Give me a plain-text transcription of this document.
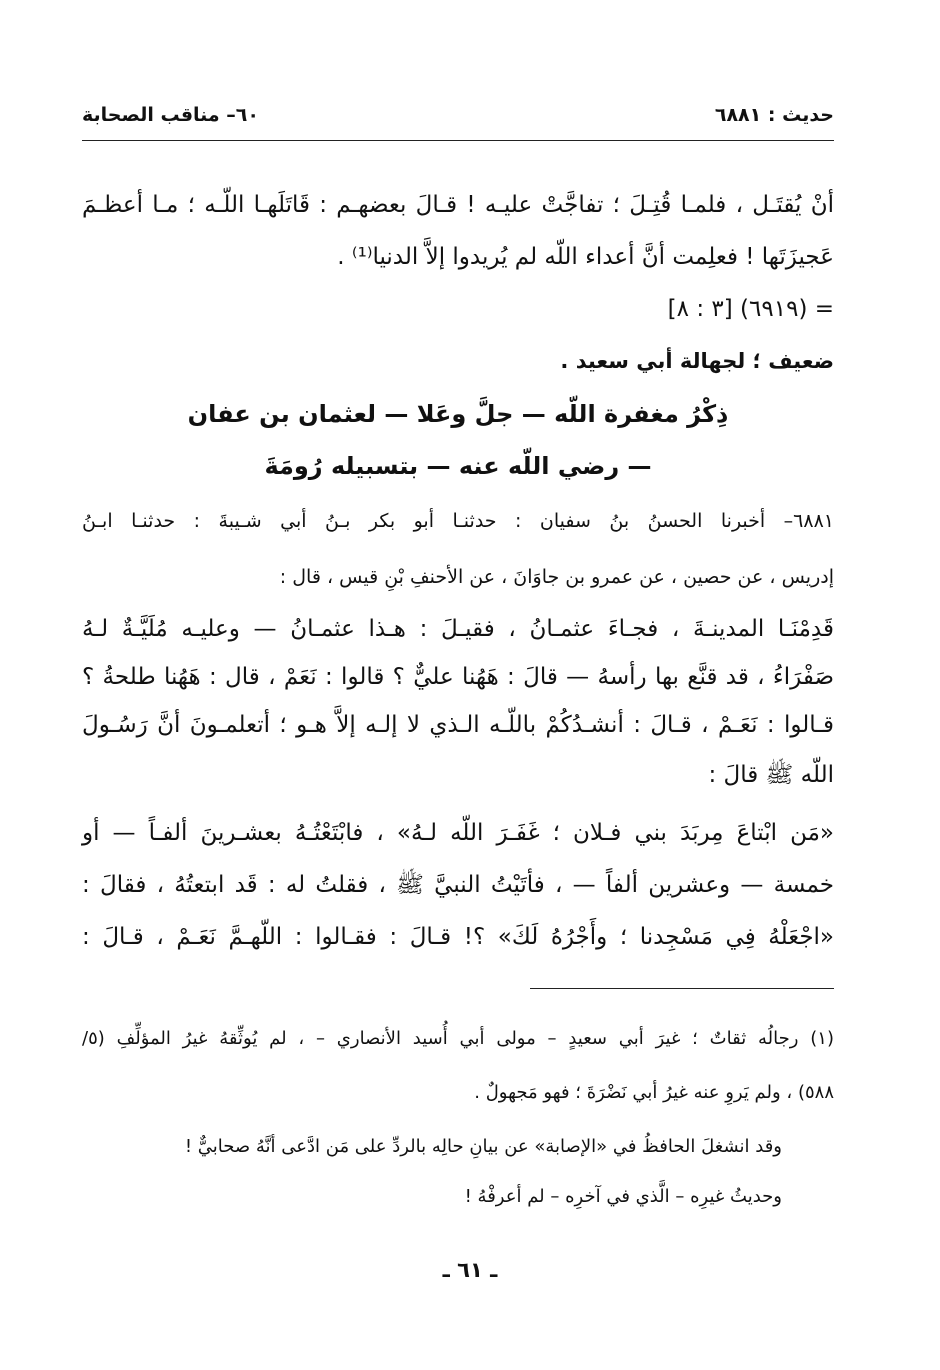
٦٠– مناقب الصحابة	حديث : ٦٨٨١
أنْ يُقتَـل ، فلمـا قُتِـلَ ؛ تفاجَّتْ عليـه ! قـالَ بعضهـم : قَاتَلَهـا اللّـه ؛ مـا أعظـمَ
عَجيزَتَها ! فعلِمت أنَّ أعداء اللّه لم يُريدوا إلاَّ الدنيا⁽¹⁾ .
= (٦٩١٩) [٣ : ٨]
ضعيف ؛ لجهالة أبي سعيد .
ذِكْرُ مغفرة اللّه — جلَّ وعَلا — لعثمان بن عفان
— رضي اللّه عنه — بتسبيله رُومَةَ
٦٨٨١– أخبرنا الحسنُ بنُ سفيان : حدثنـا أبو بكر بـنُ أبي شـيبةَ : حدثنـا ابـنُ
إدريس ، عن حصين ، عن عمرو بن جاوَانَ ، عن الأحنفِ بْنِ قيس ، قال :
قَدِمْنَـا المدينـةَ ، فجـاءَ عثمـانُ ، فقيـلَ : هـذا عثمـانُ — وعليـه مُلَيَّـةٌ لـهُ
صَفْرَاءُ ، قد قنَّع بها رأسهُ — قالَ : هَهُنا عليٌّ ؟ قالوا : نَعَمْ ، قال : هَهُنا طلحةُ ؟
قـالوا : نَعَـمْ ، قـالَ : أنشـدُكُمْ باللّـه الـذي لا إلـه إلاَّ هـو ؛ أتعلمـونَ أنَّ رَسُـولَ
اللّه ﷺ قالَ :
«مَن ابْتاعَ مِربَدَ بني فـلان ؛ غَفَـرَ اللّه لـهُ» ، فابْتَعْتُـهُ بعشـرينَ ألفـاً — أو
خمسة — وعشرين ألفاً — ، فأتَيْتُ النبيَّ ﷺ ، فقلتُ له : قَد ابتعتُهُ ، فقالَ :
«اجْعَلْهُ فِي مَسْجِدنا ؛ وأَجْرُهُ لَكَ» ؟! قـالَ : فقـالوا : اللّهـمَّ نَعَـمْ ، قـالَ :
(١) رجالُه ثقاتٌ ؛ غيرَ أبي سعيدٍ – مولى أبي أُسيد الأنصاري – ، لم يُوثِّقهُ غيرُ المؤلِّفِ (٥/
٥٨٨) ، ولم يَروِ عنه غيرُ أبي نَضْرَةَ ؛ فهو مَجهولٌ .
وقد انشغلَ الحافظُ في «الإصابة» عن بيانِ حالِه بالردِّ على مَن ادَّعى أنَّهُ صحابيٌّ !
وحديثُ غيرِه – الَّذي في آخرِه – لم أعرفْهُ !
ـ ٦١ ـ
